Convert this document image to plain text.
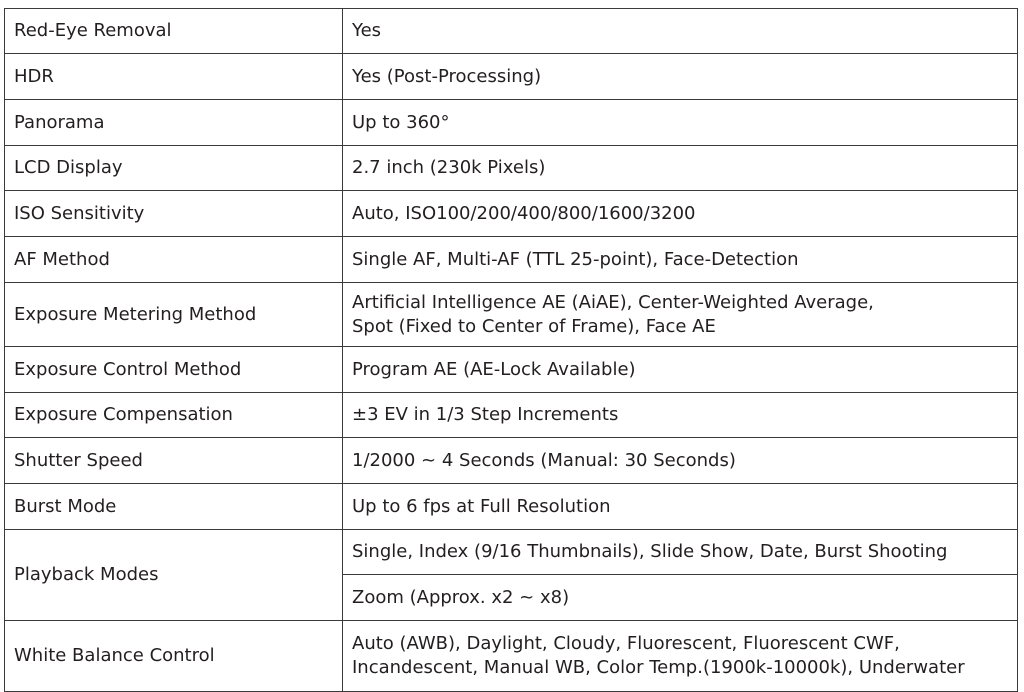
Red-Eye Removal	Yes
HDR	Yes (Post-Processing)
Panorama	Up to 360°
LCD Display	2.7 inch (230k Pixels)
ISO Sensitivity	Auto, ISO100/200/400/800/1600/3200
AF Method	Single AF, Multi-AF (TTL 25-point), Face-Detection
Exposure Metering Method	Artificial Intelligence AE (AiAE), Center-Weighted Average,
Spot (Fixed to Center of Frame), Face AE

Exposure Control Method	Program AE (AE-Lock Available)
Exposure Compensation	±3 EV in 1/3 Step Increments
Shutter Speed	1/2000 ~ 4 Seconds (Manual: 30 Seconds)
Burst Mode	Up to 6 fps at Full Resolution
Playback Modes	Single, Index (9/16 Thumbnails), Slide Show, Date, Burst Shooting
	Zoom (Approx. x2 ~ x8)
White Balance Control	Auto (AWB), Daylight, Cloudy, Fluorescent, Fluorescent CWF,
Incandescent, Manual WB, Color Temp.(1900k-10000k), Underwater
